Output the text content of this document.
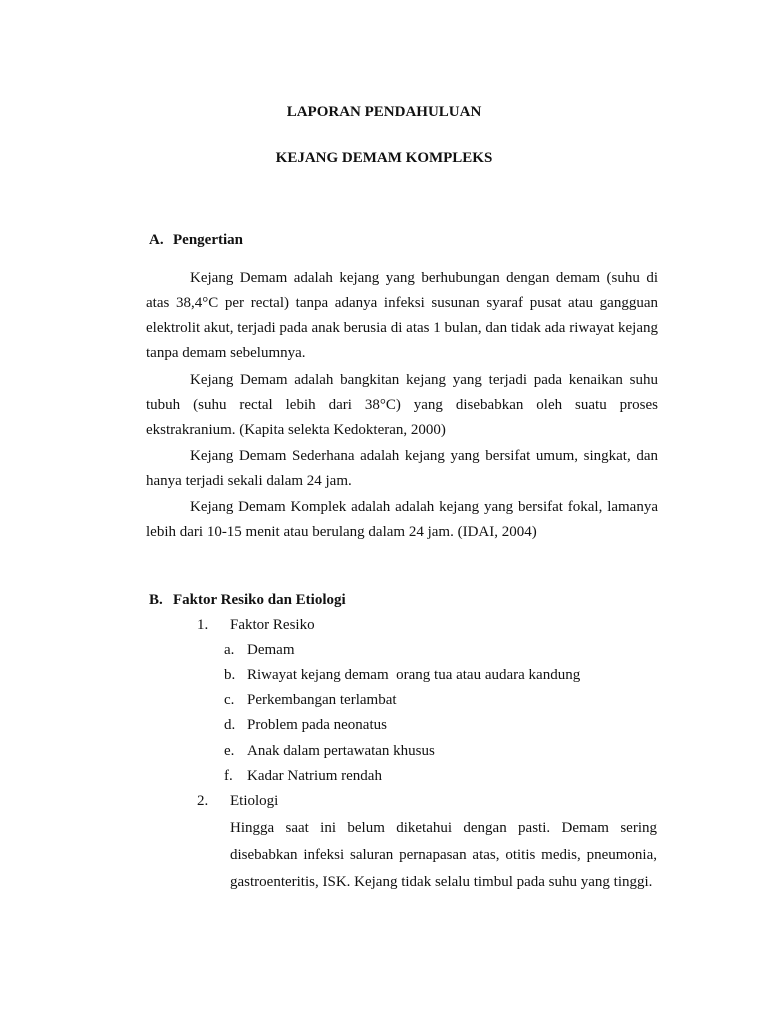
LAPORAN PENDAHULUAN
KEJANG DEMAM KOMPLEKS
A. Pengertian

Kejang Demam adalah kejang yang berhubungan dengan demam (suhu di atas 38,4°C per rectal) tanpa adanya infeksi susunan syaraf pusat atau gangguan elektrolit akut, terjadi pada anak berusia di atas 1 bulan, dan tidak ada riwayat kejang tanpa demam sebelumnya.

Kejang Demam adalah bangkitan kejang yang terjadi pada kenaikan suhu tubuh (suhu rectal lebih dari 38°C) yang disebabkan oleh suatu proses ekstrakranium. (Kapita selekta Kedokteran, 2000)

Kejang Demam Sederhana adalah kejang yang bersifat umum, singkat, dan hanya terjadi sekali dalam 24 jam.

Kejang Demam Komplek adalah adalah kejang yang bersifat fokal, lamanya lebih dari 10-15 menit atau berulang dalam 24 jam. (IDAI, 2004)

B. Faktor Resiko dan Etiologi
1. Faktor Resiko
a. Demam
b. Riwayat kejang demam  orang tua atau audara kandung
c. Perkembangan terlambat
d. Problem pada neonatus
e. Anak dalam pertawatan khusus
f. Kadar Natrium rendah
2. Etiologi

Hingga saat ini belum diketahui dengan pasti. Demam sering disebabkan infeksi saluran pernapasan atas, otitis medis, pneumonia, gastroenteritis, ISK. Kejang tidak selalu timbul pada suhu yang tinggi.
